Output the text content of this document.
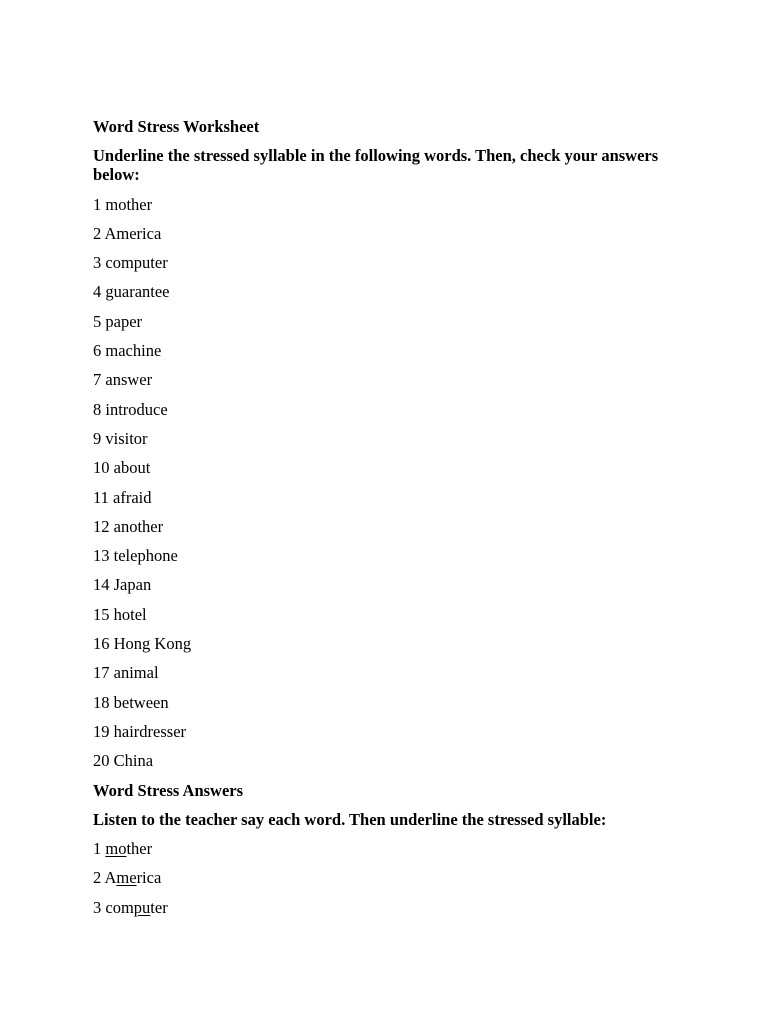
Word Stress Worksheet
Underline the stressed syllable in the following words. Then, check your answers below:
1 mother
2 America
3 computer
4 guarantee
5 paper
6 machine
7 answer
8 introduce
9 visitor
10 about
11 afraid
12 another
13 telephone
14 Japan
15 hotel
16 Hong Kong
17 animal
18 between
19 hairdresser
20 China
Word Stress Answers
Listen to the teacher say each word. Then underline the stressed syllable:
1 mother
2 America
3 computer
